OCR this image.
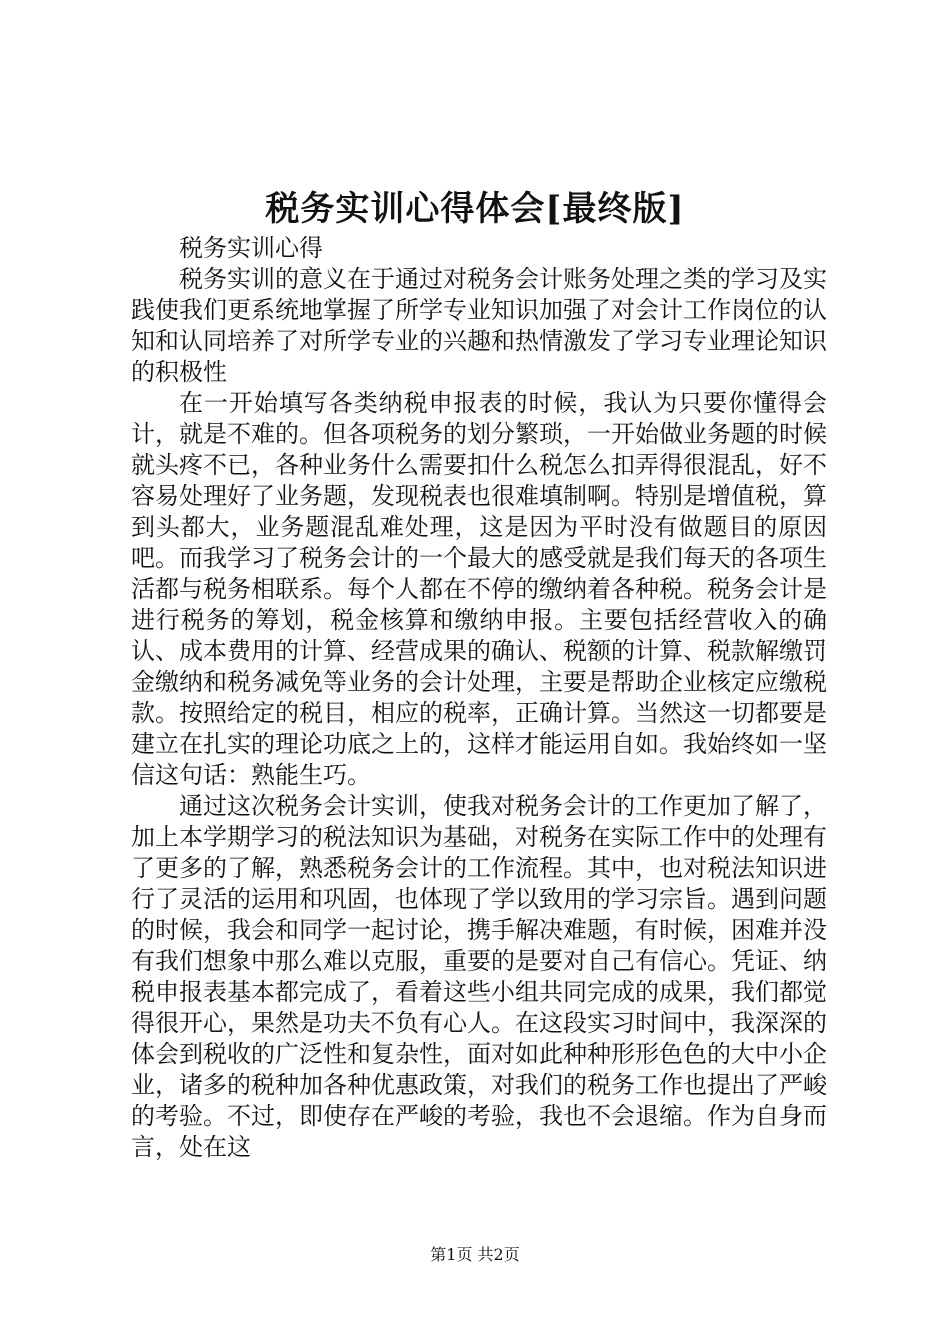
税务实训心得体会[最终版]

税务实训心得

税务实训的意义在于通过对税务会计账务处理之类的学习及实践使我们更系统地掌握了所学专业知识加强了对会计工作岗位的认知和认同培养了对所学专业的兴趣和热情激发了学习专业理论知识的积极性

在一开始填写各类纳税申报表的时候，我认为只要你懂得会计，就是不难的。但各项税务的划分繁琐，一开始做业务题的时候就头疼不已，各种业务什么需要扣什么税怎么扣弄得很混乱，好不容易处理好了业务题，发现税表也很难填制啊。特别是增值税，算到头都大，业务题混乱难处理，这是因为平时没有做题目的原因吧。而我学习了税务会计的一个最大的感受就是我们每天的各项生活都与税务相联系。每个人都在不停的缴纳着各种税。税务会计是进行税务的筹划，税金核算和缴纳申报。主要包括经营收入的确认、成本费用的计算、经营成果的确认、税额的计算、税款解缴罚金缴纳和税务减免等业务的会计处理，主要是帮助企业核定应缴税款。按照给定的税目，相应的税率，正确计算。当然这一切都要是建立在扎实的理论功底之上的，这样才能运用自如。我始终如一坚信这句话：熟能生巧。

通过这次税务会计实训，使我对税务会计的工作更加了解了，加上本学期学习的税法知识为基础，对税务在实际工作中的处理有了更多的了解，熟悉税务会计的工作流程。其中，也对税法知识进行了灵活的运用和巩固，也体现了学以致用的学习宗旨。遇到问题的时候，我会和同学一起讨论，携手解决难题，有时候，困难并没有我们想象中那么难以克服，重要的是要对自己有信心。凭证、纳税申报表基本都完成了，看着这些小组共同完成的成果，我们都觉得很开心，果然是功夫不负有心人。在这段实习时间中，我深深的体会到税收的广泛性和复杂性，面对如此种种形形色色的大中小企业，诸多的税种加各种优惠政策，对我们的税务工作也提出了严峻的考验。不过，即使存在严峻的考验，我也不会退缩。作为自身而言，处在这

第1页 共2页
